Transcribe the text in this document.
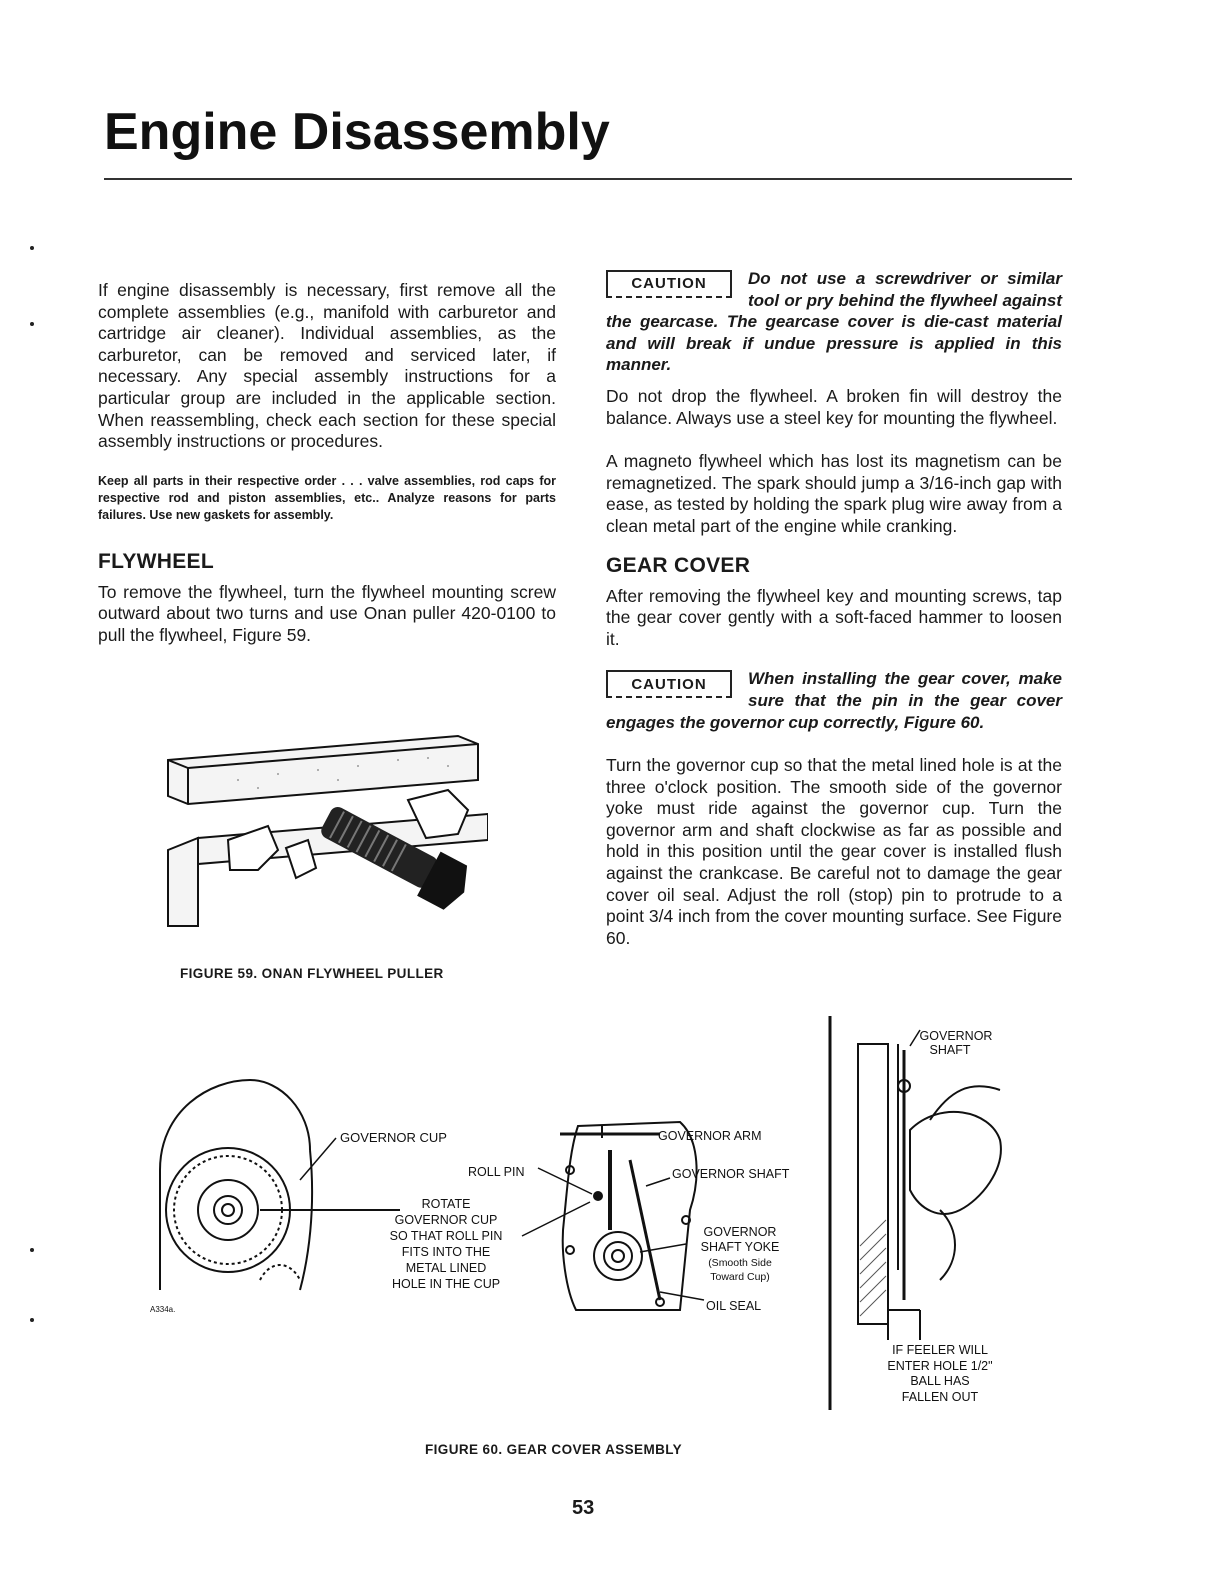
Engine Disassembly

If engine disassembly is necessary, first remove all the complete assemblies (e.g., manifold with carburetor and cartridge air cleaner). Individual assemblies, as the carburetor, can be removed and serviced later, if necessary. Any special assembly instructions for a particular group are included in the applicable section. When reassembling, check each section for these special assembly instructions or procedures.

Keep all parts in their respective order . . . valve assemblies, rod caps for respective rod and piston assemblies, etc.. Analyze reasons for parts failures. Use new gaskets for assembly.

FLYWHEEL

To remove the flywheel, turn the flywheel mounting screw outward about two turns and use Onan puller 420-0100 to pull the flywheel, Figure 59.

FIGURE 59. ONAN FLYWHEEL PULLER
CAUTION	Do not use a screwdriver or similar tool or pry behind the flywheel against the gearcase. The gearcase cover is die-cast material and will break if undue pressure is applied in this manner.

Do not drop the flywheel. A broken fin will destroy the balance. Always use a steel key for mounting the flywheel.

A magneto flywheel which has lost its magnetism can be remagnetized. The spark should jump a 3/16-inch gap with ease, as tested by holding the spark plug wire away from a clean metal part of the engine while cranking.

GEAR COVER

After removing the flywheel key and mounting screws, tap the gear cover gently with a soft-faced hammer to loosen it.

CAUTION	When installing the gear cover, make sure that the pin in the gear cover engages the governor cup correctly, Figure 60.

Turn the governor cup so that the metal lined hole is at the three o'clock position. The smooth side of the governor yoke must ride against the governor cup. Turn the governor arm and shaft clockwise as far as possible and hold in this position until the gear cover is installed flush against the crankcase. Be careful not to damage the gear cover oil seal. Adjust the roll (stop) pin to protrude to a point 3/4 inch from the cover mounting surface. See Figure 60.

GOVERNOR CUP
A334a.
ROLL PIN
ROTATE
GOVERNOR CUP
SO THAT ROLL PIN
FITS INTO THE
METAL LINED
HOLE IN THE CUP
GOVERNOR ARM
GOVERNOR SHAFT
GOVERNOR
SHAFT YOKE
(Smooth Side
Toward Cup)
OIL SEAL
GOVERNOR
SHAFT
IF FEELER WILL
ENTER HOLE 1/2"
BALL HAS
FALLEN OUT
FIGURE 60. GEAR COVER ASSEMBLY
53
